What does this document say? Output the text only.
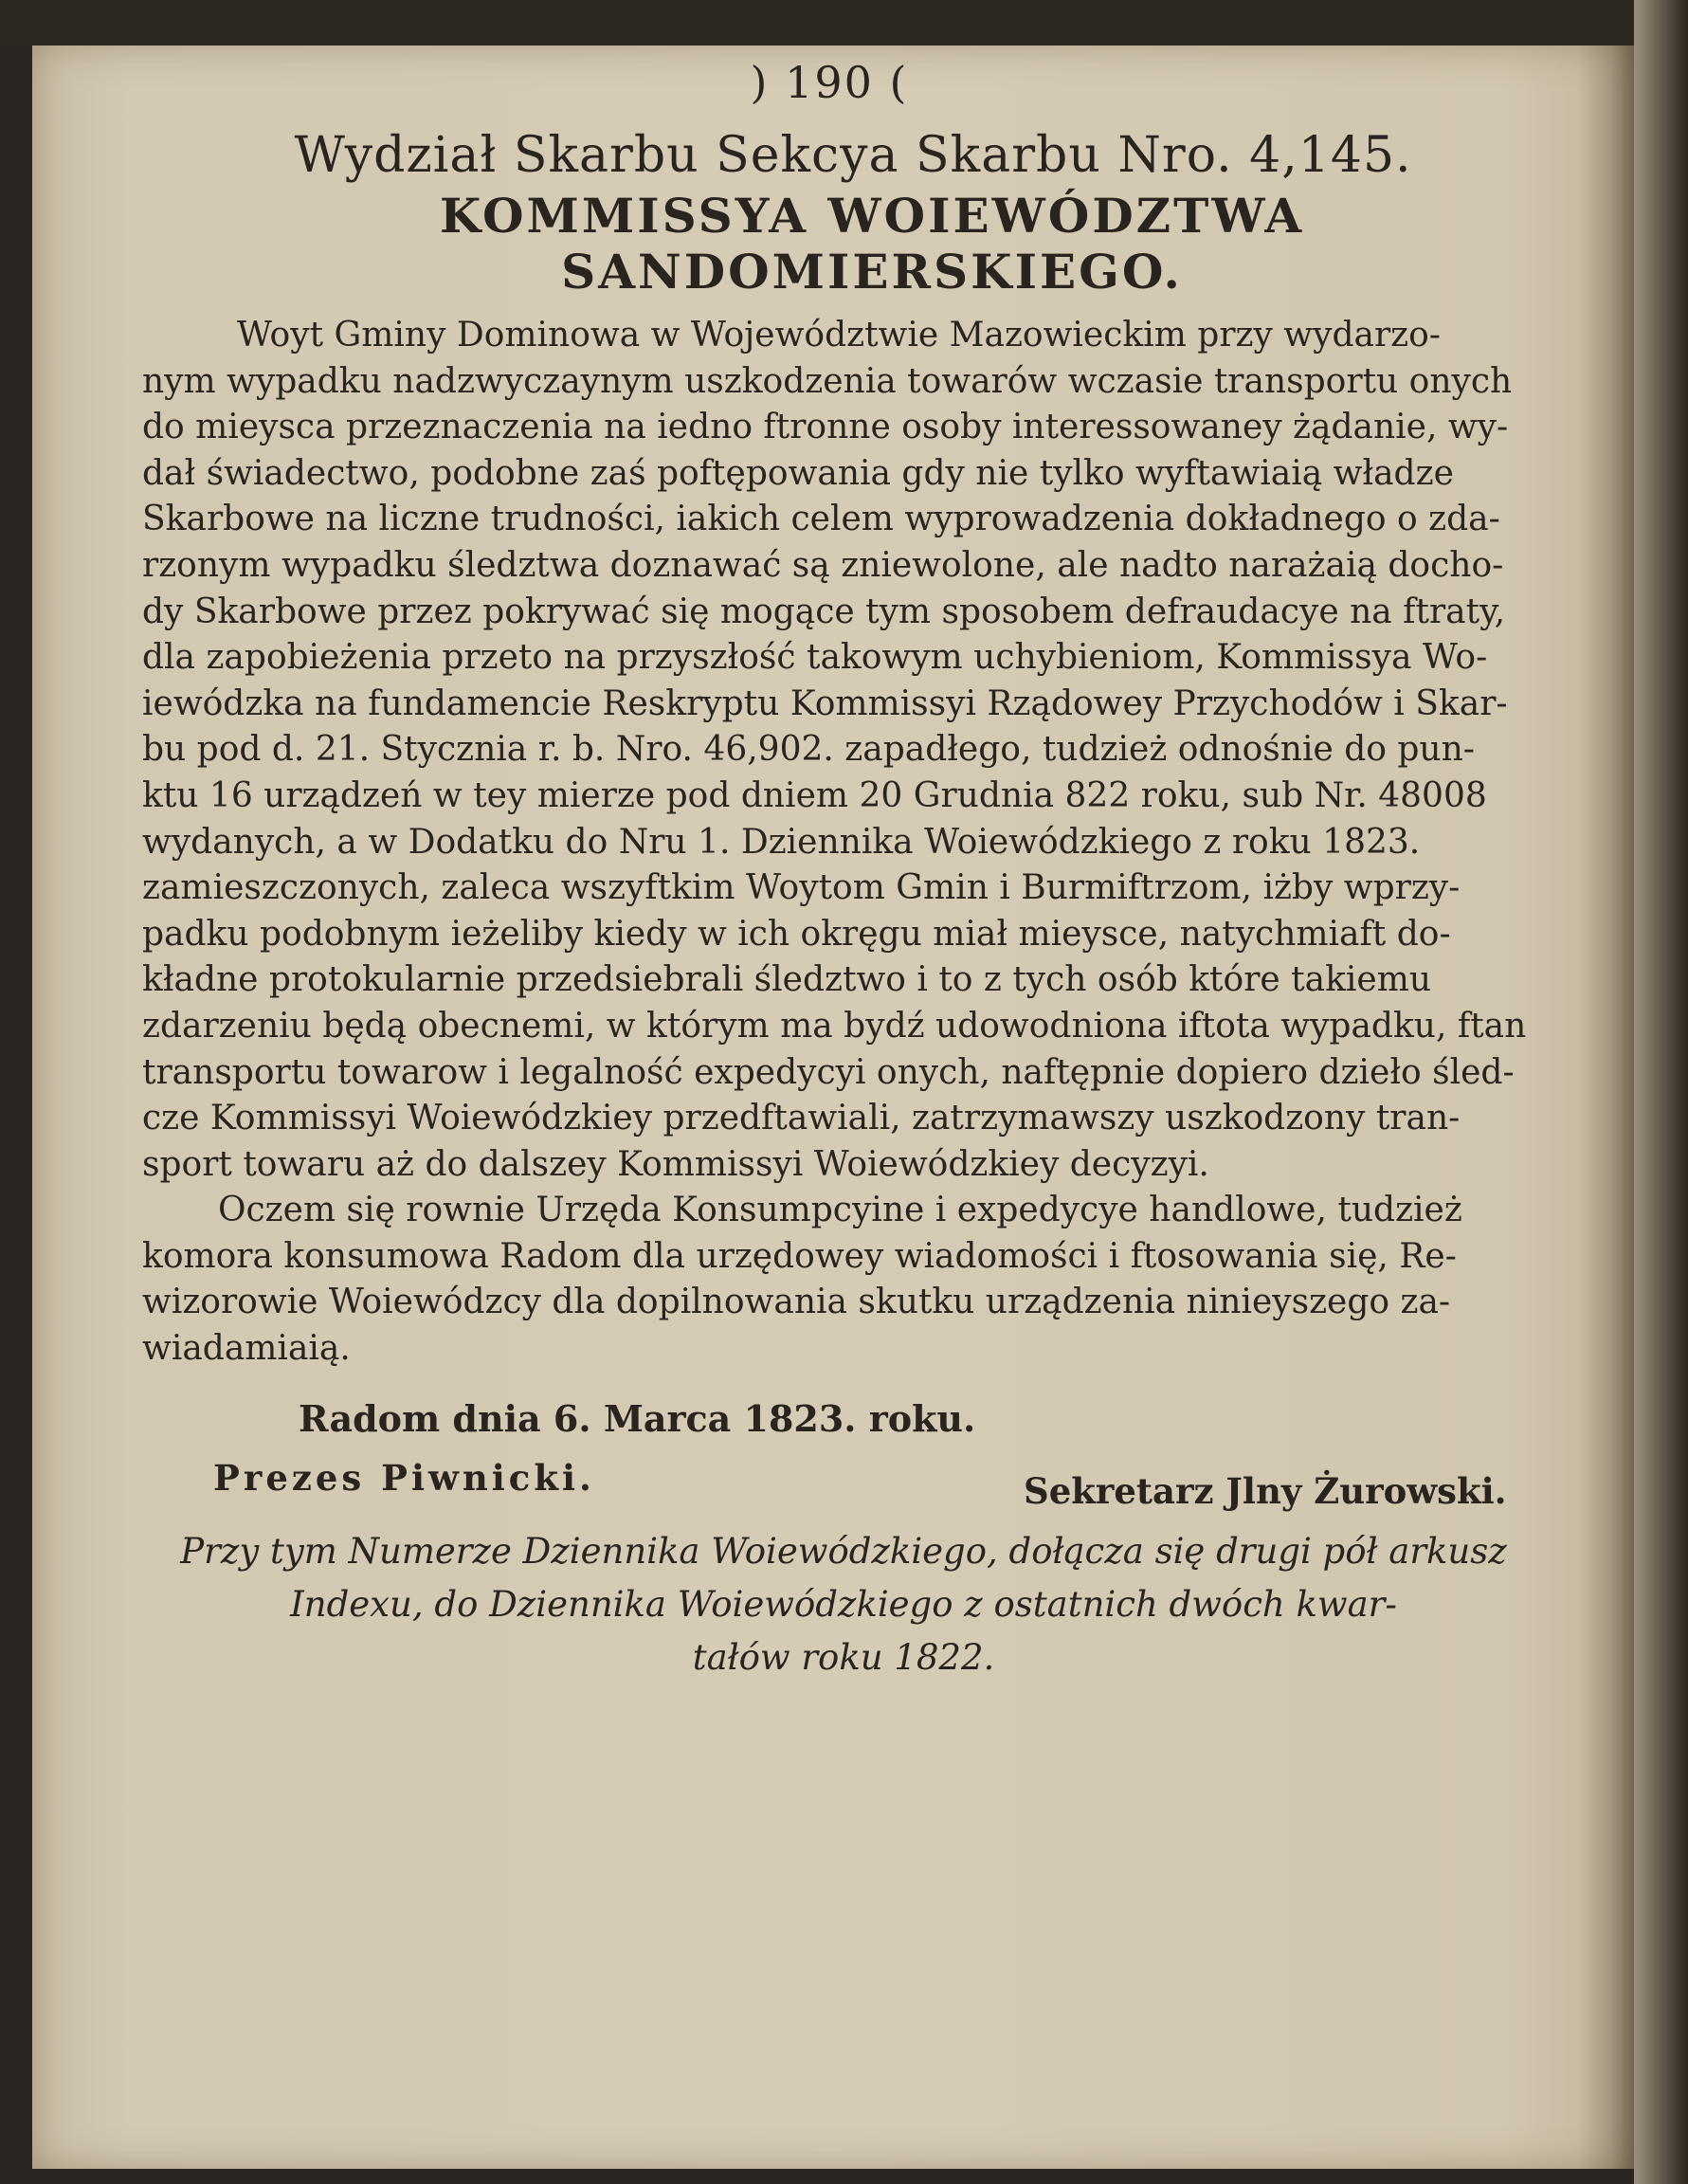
) 190 (
Wydział Skarbu Sekcya Skarbu Nro. 4,145.
KOMMISSYA WOIEWÓDZTWA SANDOMIERSKIEGO.
Woyt Gminy Dominowa w Województwie Mazowieckim przy wydarzo-
nym wypadku nadzwyczaynym uszkodzenia towarów wczasie transportu onych
do mieysca przeznaczenia na iedno ftronne osoby interessowaney żądanie, wy-
dał świadectwo, podobne zaś poftępowania gdy nie tylko wyftawiaią władze
Skarbowe na liczne trudności, iakich celem wyprowadzenia dokładnego o zda-
rzonym wypadku śledztwa doznawać są zniewolone, ale nadto narażaią docho-
dy Skarbowe przez pokrywać się mogące tym sposobem defraudacye na ftraty,
dla zapobieżenia przeto na przyszłość takowym uchybieniom, Kommissya Wo-
iewódzka na fundamencie Reskryptu Kommissyi Rządowey Przychodów i Skar-
bu pod d. 21. Stycznia r. b. Nro. 46,902. zapadłego, tudzież odnośnie do pun-
ktu 16 urządzeń w tey mierze pod dniem 20 Grudnia 822 roku, sub Nr. 48008
wydanych, a w Dodatku do Nru 1. Dziennika Woiewódzkiego z roku 1823.
zamieszczonych, zaleca wszyftkim Woytom Gmin i Burmiftrzom, iżby wprzy-
padku podobnym ieżeliby kiedy w ich okręgu miał mieysce, natychmiaft do-
kładne protokularnie przedsiebrali śledztwo i to z tych osób które takiemu
zdarzeniu będą obecnemi, w którym ma bydź udowodniona iftota wypadku, ftan
transportu towarow i legalność expedycyi onych, naftępnie dopiero dzieło śled-
cze Kommissyi Woiewódzkiey przedftawiali, zatrzymawszy uszkodzony tran-
sport towaru aż do dalszey Kommissyi Woiewódzkiey decyzyi.
Oczem się rownie Urzęda Konsumpcyine i expedycye handlowe, tudzież
komora konsumowa Radom dla urzędowey wiadomości i ftosowania się, Re-
wizorowie Woiewódzcy dla dopilnowania skutku urządzenia ninieyszego za-
wiadamiaią.
Radom dnia 6. Marca 1823. roku.
Prezes Piwnicki.	Sekretarz Jlny Żurowski.
Przy tym Numerze Dziennika Woiewódzkiego, dołącza się drugi pół arkusz
Indexu, do Dziennika Woiewódzkiego z ostatnich dwóch kwar-
tałów roku 1822.
